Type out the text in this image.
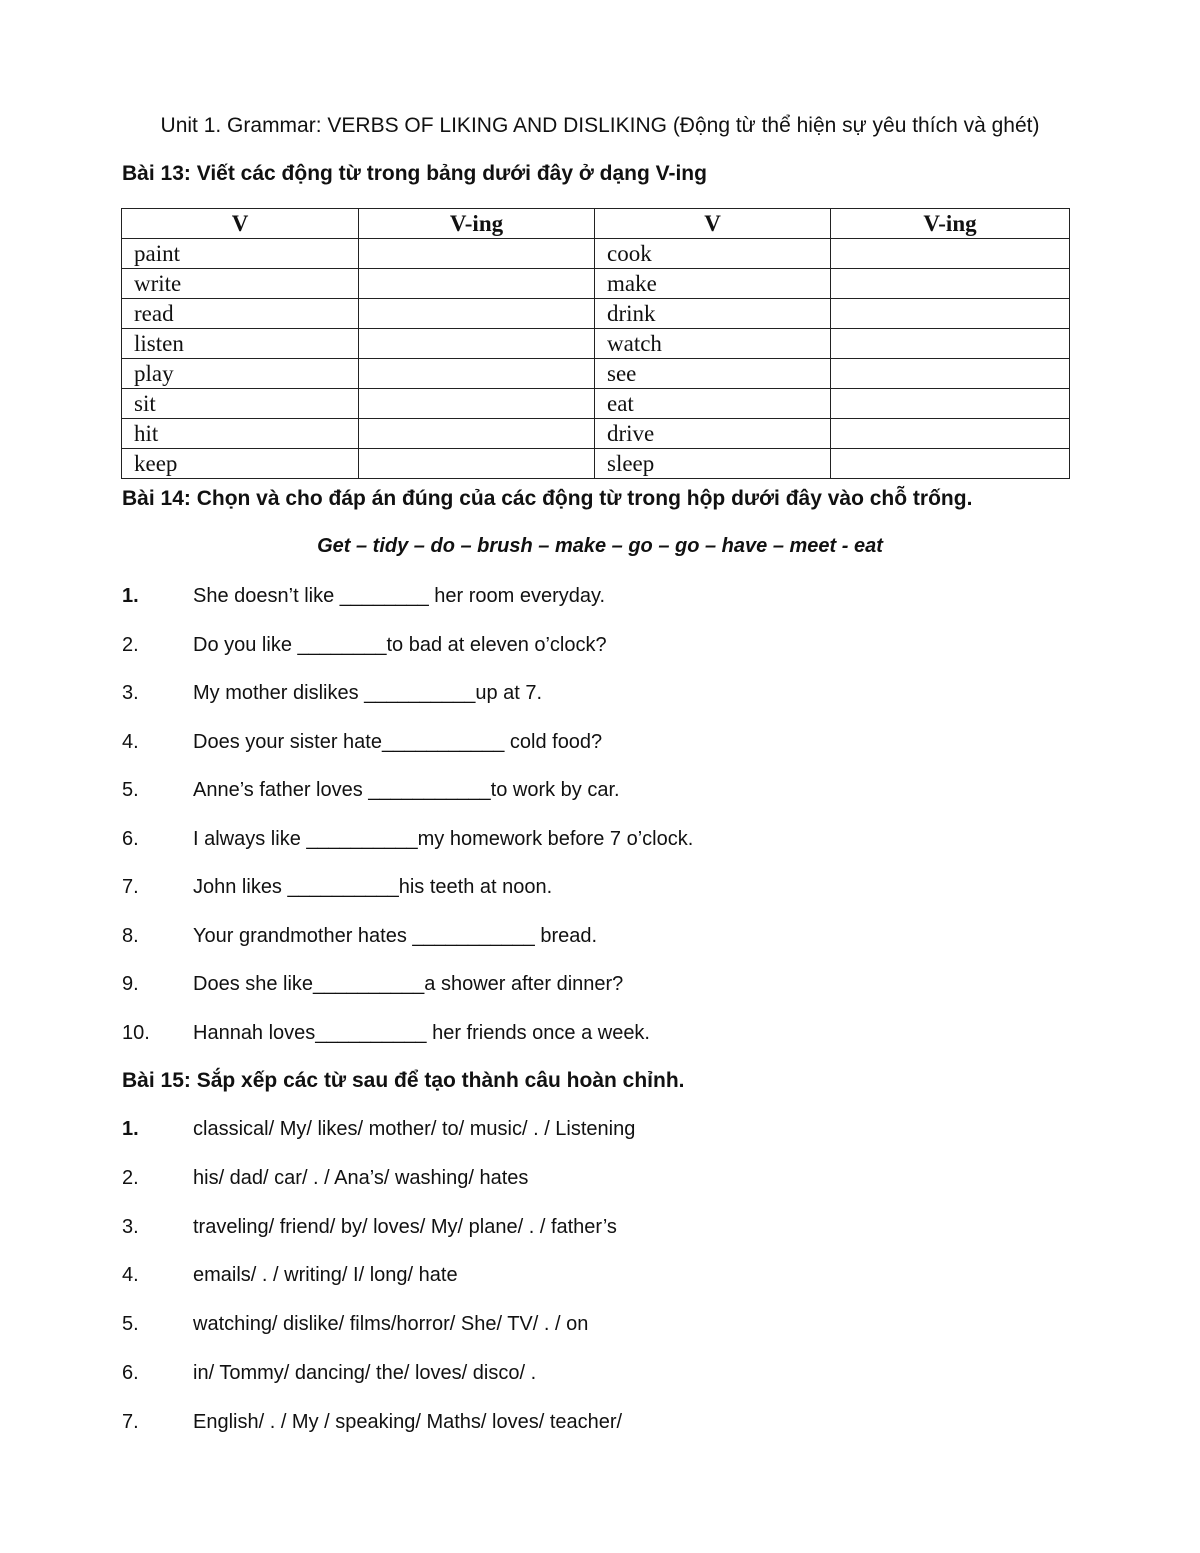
Unit 1. Grammar: VERBS OF LIKING AND DISLIKING (Động từ thể hiện sự yêu thích và ghét)
Bài 13: Viết các động từ trong bảng dưới đây ở dạng V-ing
V	V-ing	V	V-ing
paint		cook	
write		make	
read		drink	
listen		watch	
play		see	
sit		eat	
hit		drive	
keep		sleep	
Bài 14: Chọn và cho đáp án đúng của các động từ trong hộp dưới đây vào chỗ trống.
Get – tidy – do – brush – make – go – go – have – meet - eat
1.	She doesn’t like ________ her room everyday.
2.	Do you like ________to bad at eleven o’clock?
3.	My mother dislikes __________up at 7.
4.	Does your sister hate___________ cold food?
5.	Anne’s father loves ___________to work by car.
6.	I always like __________my homework before 7 o’clock.
7.	John likes __________his teeth at noon.
8.	Your grandmother hates ___________ bread.
9.	Does she like__________a shower after dinner?
10.	Hannah loves__________ her friends once a week.
Bài 15: Sắp xếp các từ sau để tạo thành câu hoàn chỉnh.
1.	classical/ My/ likes/ mother/ to/ music/ . / Listening
2.	his/ dad/ car/ . / Ana’s/ washing/ hates
3.	traveling/ friend/ by/ loves/ My/ plane/ . / father’s
4.	emails/ . / writing/ I/ long/ hate
5.	watching/ dislike/ films/horror/ She/ TV/ . / on
6.	in/ Tommy/ dancing/ the/ loves/ disco/ .
7.	English/ . / My / speaking/ Maths/ loves/ teacher/
